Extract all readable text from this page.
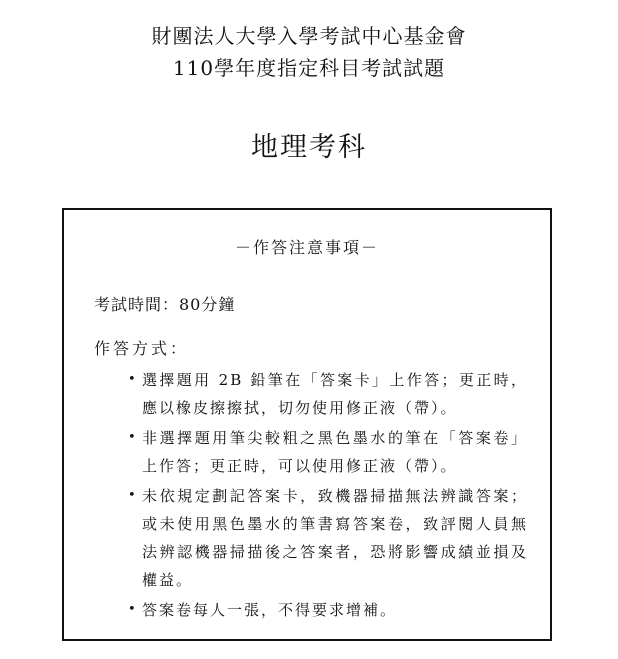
財團法人大學入學考試中心基金會
110學年度指定科目考試試題
地理考科
－作答注意事項－
考試時間：80分鐘
作答方式：
• 選擇題用 2B 鉛筆在「答案卡」上作答；更正時，應以橡皮擦擦拭，切勿使用修正液（帶）。
• 非選擇題用筆尖較粗之黑色墨水的筆在「答案卷」上作答；更正時，可以使用修正液（帶）。
• 未依規定劃記答案卡，致機器掃描無法辨識答案；或未使用黑色墨水的筆書寫答案卷，致評閱人員無法辨認機器掃描後之答案者，恐將影響成績並損及權益。
• 答案卷每人一張，不得要求增補。
